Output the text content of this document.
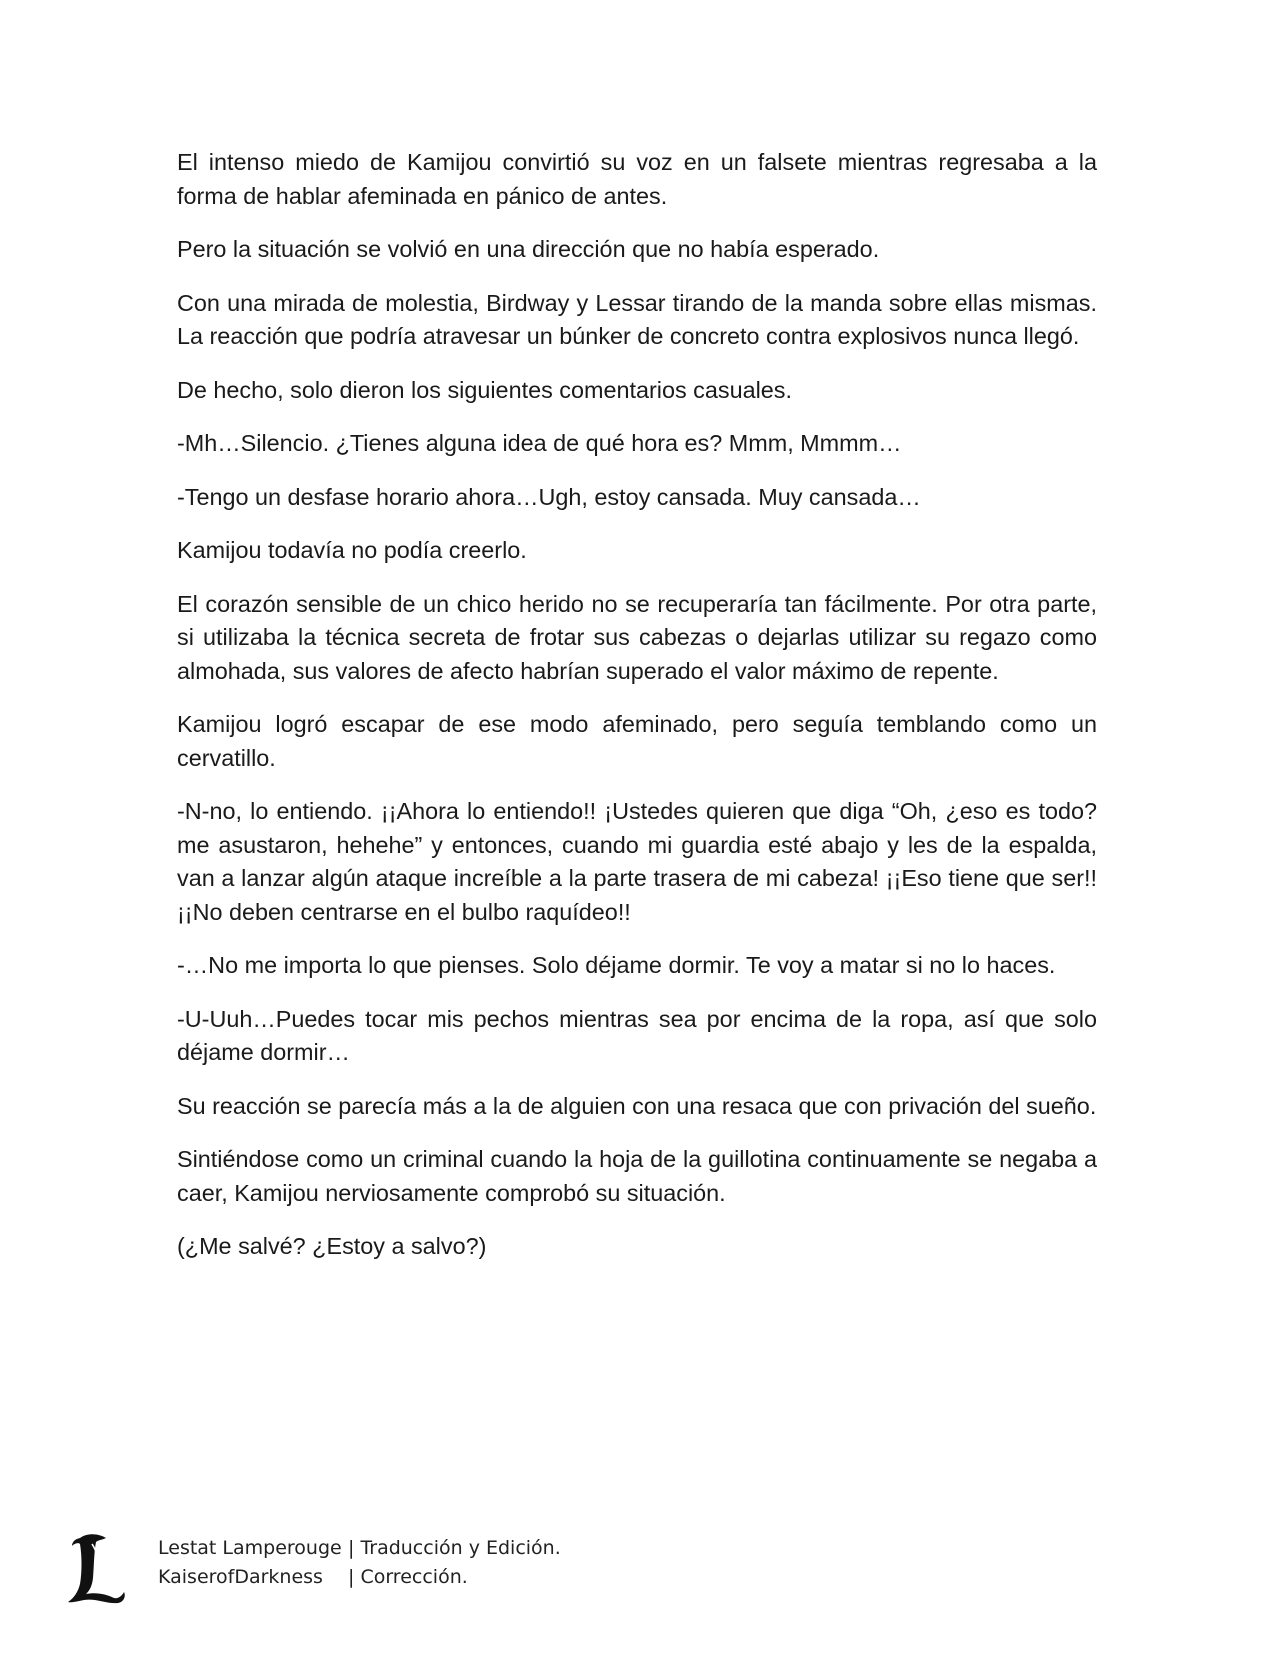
El intenso miedo de Kamijou convirtió su voz en un falsete mientras regresaba a la forma de hablar afeminada en pánico de antes.

Pero la situación se volvió en una dirección que no había esperado.

Con una mirada de molestia, Birdway y Lessar tirando de la manda sobre ellas mismas. La reacción que podría atravesar un búnker de concreto contra explosivos nunca llegó.

De hecho, solo dieron los siguientes comentarios casuales.

-Mh…Silencio. ¿Tienes alguna idea de qué hora es? Mmm, Mmmm…

-Tengo un desfase horario ahora…Ugh, estoy cansada. Muy cansada…

Kamijou todavía no podía creerlo.

El corazón sensible de un chico herido no se recuperaría tan fácilmente. Por otra parte, si utilizaba la técnica secreta de frotar sus cabezas o dejarlas utilizar su regazo como almohada, sus valores de afecto habrían superado el valor máximo de repente.

Kamijou logró escapar de ese modo afeminado, pero seguía temblando como un cervatillo.

-N-no, lo entiendo. ¡¡Ahora lo entiendo!! ¡Ustedes quieren que diga “Oh, ¿eso es todo? me asustaron, hehehe” y entonces, cuando mi guardia esté abajo y les de la espalda, van a lanzar algún ataque increíble a la parte trasera de mi cabeza! ¡¡Eso tiene que ser!! ¡¡No deben centrarse en el bulbo raquídeo!!

-…No me importa lo que pienses. Solo déjame dormir. Te voy a matar si no lo haces.

-U-Uuh…Puedes tocar mis pechos mientras sea por encima de la ropa, así que solo déjame dormir…

Su reacción se parecía más a la de alguien con una resaca que con privación del sueño.

Sintiéndose como un criminal cuando la hoja de la guillotina continuamente se negaba a caer, Kamijou nerviosamente comprobó su situación.

(¿Me salvé? ¿Estoy a salvo?)

Lestat Lamperouge | Traducción y Edición.
KaiserofDarkness | Corrección.
